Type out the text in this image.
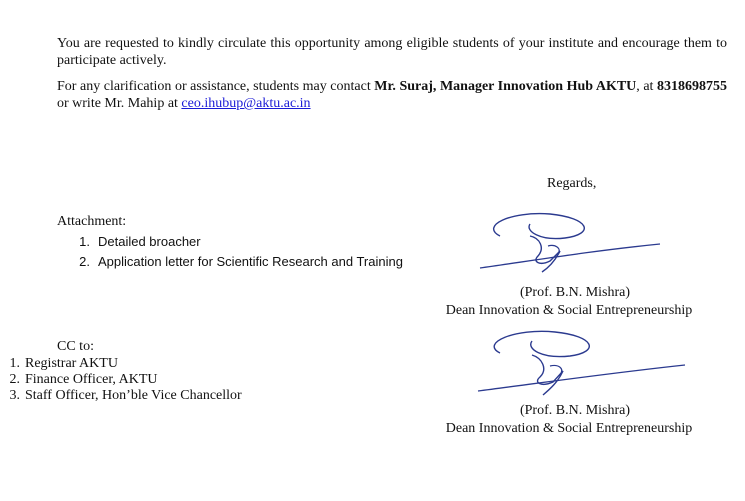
You are requested to kindly circulate this opportunity among eligible students of your institute and encourage them to participate actively.

For any clarification or assistance, students may contact Mr. Suraj, Manager Innovation Hub AKTU, at 8318698755 or write Mr. Mahip at ceo.ihubup@aktu.ac.in

Regards,
Attachment:
1. Detailed broacher
2. Application letter for Scientific Research and Training
(Prof. B.N. Mishra)
Dean Innovation & Social Entrepreneurship
CC to:
1. Registrar AKTU
2. Finance Officer, AKTU
3. Staff Officer, Hon’ble Vice Chancellor
(Prof. B.N. Mishra)
Dean Innovation & Social Entrepreneurship
